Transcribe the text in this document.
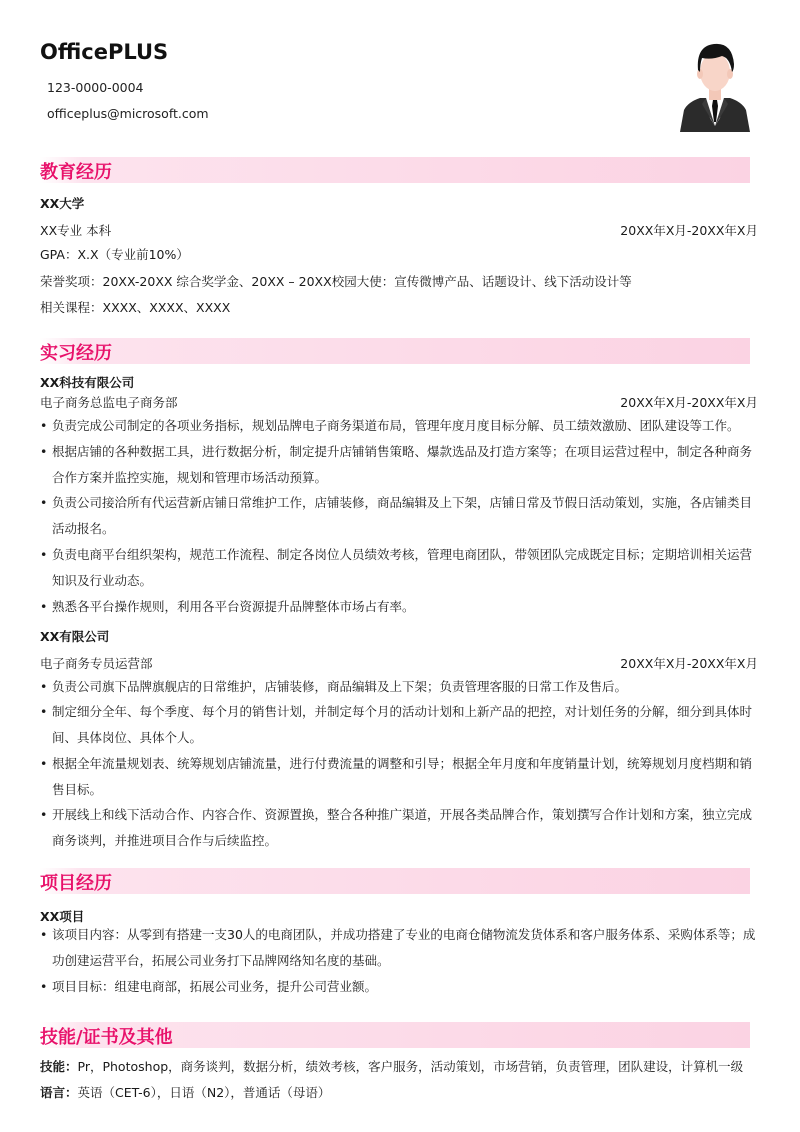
OfficePLUS
123-0000-0004
officeplus@microsoft.com
教育经历
XX大学
XX专业 本科	20XX年X月-20XX年X月
GPA：X.X（专业前10%）
荣誉奖项：20XX-20XX 综合奖学金、20XX – 20XX校园大使：宣传微博产品、话题设计、线下活动设计等
相关课程：XXXX、XXXX、XXXX
实习经历
XX科技有限公司
电子商务总监电子商务部	20XX年X月-20XX年X月
• 负责完成公司制定的各项业务指标，规划品牌电子商务渠道布局，管理年度月度目标分解、员工绩效激励、团队建设等工作。
• 根据店铺的各种数据工具，进行数据分析，制定提升店铺销售策略、爆款选品及打造方案等；在项目运营过程中，制定各种商务合作方案并监控实施，规划和管理市场活动预算。
• 负责公司接洽所有代运营新店铺日常维护工作，店铺装修，商品编辑及上下架，店铺日常及节假日活动策划，实施，各店铺类目活动报名。
• 负责电商平台组织架构，规范工作流程、制定各岗位人员绩效考核，管理电商团队，带领团队完成既定目标；定期培训相关运营知识及行业动态。
• 熟悉各平台操作规则，利用各平台资源提升品牌整体市场占有率。
XX有限公司
电子商务专员运营部	20XX年X月-20XX年X月
• 负责公司旗下品牌旗舰店的日常维护，店铺装修，商品编辑及上下架；负责管理客服的日常工作及售后。
• 制定细分全年、每个季度、每个月的销售计划，并制定每个月的活动计划和上新产品的把控，对计划任务的分解，细分到具体时间、具体岗位、具体个人。
• 根据全年流量规划表、统筹规划店铺流量，进行付费流量的调整和引导；根据全年月度和年度销量计划，统筹规划月度档期和销售目标。
• 开展线上和线下活动合作、内容合作、资源置换，整合各种推广渠道，开展各类品牌合作，策划撰写合作计划和方案，独立完成商务谈判，并推进项目合作与后续监控。
项目经历
XX项目
• 该项目内容：从零到有搭建一支30人的电商团队，并成功搭建了专业的电商仓储物流发货体系和客户服务体系、采购体系等；成功创建运营平台，拓展公司业务打下品牌网络知名度的基础。
• 项目目标：组建电商部，拓展公司业务，提升公司营业额。
技能/证书及其他
技能：Pr，Photoshop，商务谈判，数据分析，绩效考核，客户服务，活动策划，市场营销，负责管理，团队建设，计算机一级
语言：英语（CET-6），日语（N2），普通话（母语）
